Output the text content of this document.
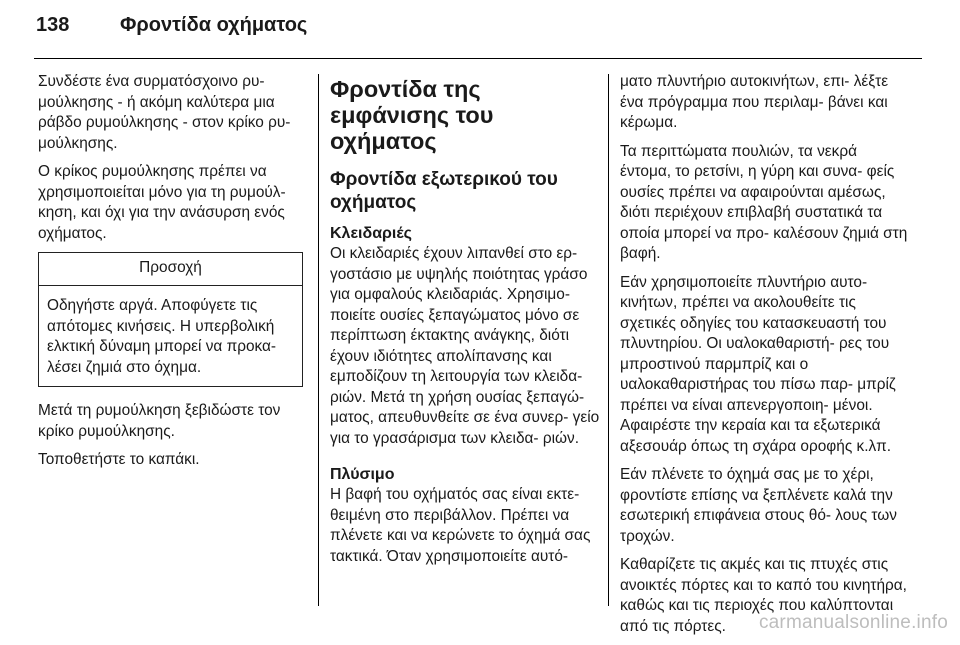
138	Φροντίδα οχήματος

Συνδέστε ένα συρματόσχοινο ρυ- μούλκησης - ή ακόμη καλύτερα μια ράβδο ρυμούλκησης - στον κρίκο ρυ- μούλκησης.

Ο κρίκος ρυμούλκησης πρέπει να χρησιμοποιείται μόνο για τη ρυμούλ- κηση, και όχι για την ανάσυρση ενός οχήματος.

Προσοχή
Οδηγήστε αργά. Αποφύγετε τις απότομες κινήσεις. Η υπερβολική ελκτική δύναμη μπορεί να προκα- λέσει ζημιά στο όχημα.

Μετά τη ρυμούλκηση ξεβιδώστε τον κρίκο ρυμούλκησης.

Τοποθετήστε το καπάκι.

Φροντίδα της εμφάνισης του οχήματος
Φροντίδα εξωτερικού του οχήματος
Κλειδαριές

Οι κλειδαριές έχουν λιπανθεί στο ερ- γοστάσιο με υψηλής ποιότητας γράσο για ομφαλούς κλειδαριάς. Χρησιμο- ποιείτε ουσίες ξεπαγώματος μόνο σε περίπτωση έκτακτης ανάγκης, διότι έχουν ιδιότητες απολίπανσης και εμποδίζουν τη λειτουργία των κλειδα- ριών. Μετά τη χρήση ουσίας ξεπαγώ- ματος, απευθυνθείτε σε ένα συνερ- γείο για το γρασάρισμα των κλειδα- ριών.

Πλύσιμο

Η βαφή του οχήματός σας είναι εκτε- θειμένη στο περιβάλλον. Πρέπει να πλένετε και να κερώνετε το όχημά σας τακτικά. Όταν χρησιμοποιείτε αυτό-

ματο πλυντήριο αυτοκινήτων, επι- λέξτε ένα πρόγραμμα που περιλαμ- βάνει και κέρωμα.

Τα περιττώματα πουλιών, τα νεκρά έντομα, το ρετσίνι, η γύρη και συνα- φείς ουσίες πρέπει να αφαιρούνται αμέσως, διότι περιέχουν επιβλαβή συστατικά τα οποία μπορεί να προ- καλέσουν ζημιά στη βαφή.

Εάν χρησιμοποιείτε πλυντήριο αυτο- κινήτων, πρέπει να ακολουθείτε τις σχετικές οδηγίες του κατασκευαστή του πλυντηρίου. Οι υαλοκαθαριστή- ρες του μπροστινού παρμπρίζ και ο υαλοκαθαριστήρας του πίσω παρ- μπρίζ πρέπει να είναι απενεργοποιη- μένοι. Αφαιρέστε την κεραία και τα εξωτερικά αξεσουάρ όπως τη σχάρα οροφής κ.λπ.

Εάν πλένετε το όχημά σας με το χέρι, φροντίστε επίσης να ξεπλένετε καλά την εσωτερική επιφάνεια στους θό- λους των τροχών.

Καθαρίζετε τις ακμές και τις πτυχές στις ανοικτές πόρτες και το καπό του κινητήρα, καθώς και τις περιοχές που καλύπτονται από τις πόρτες.	carmanualsonline.info
